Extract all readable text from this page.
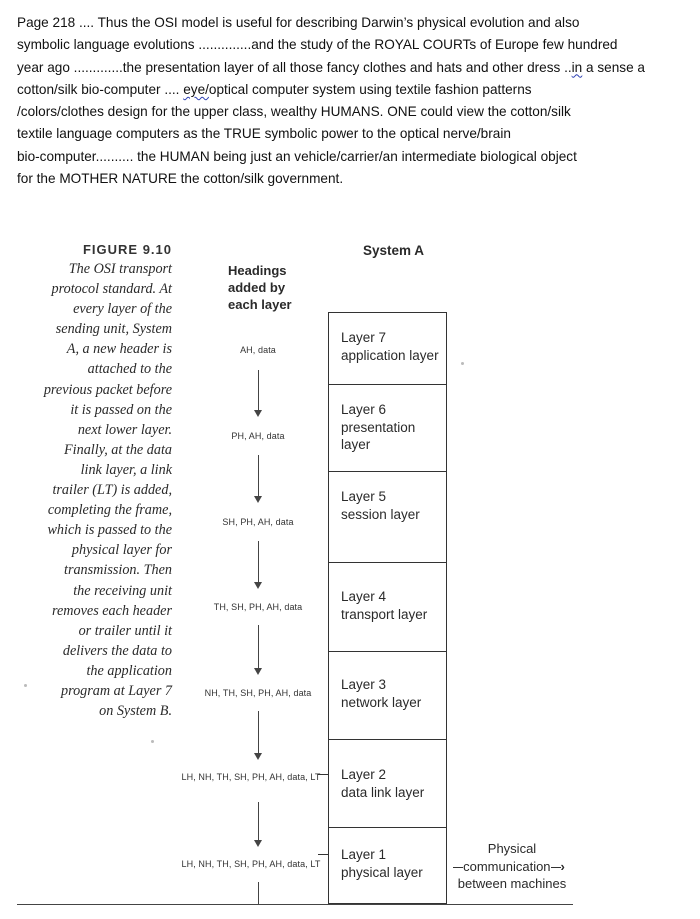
Page 218 .... Thus the OSI model is useful for describing Darwin’s physical evolution and also
symbolic language evolutions ..............and the study of the ROYAL COURTs of Europe few hundred
year ago .............the presentation layer of all those fancy clothes and hats and other dress ..in a sense a
cotton/silk bio-computer .... eye/optical computer system using textile fashion patterns
/colors/clothes design for the upper class, wealthy HUMANS. ONE could view the cotton/silk
textile language computers as the TRUE symbolic power to the optical nerve/brain
bio-computer.......... the HUMAN being just an vehicle/carrier/an intermediate biological object
for the MOTHER NATURE the cotton/silk government.
FIGURE 9.10
The OSI transport
protocol standard. At
every layer of the
sending unit, System
A, a new header is
attached to the
previous packet before
it is passed on the
next lower layer.
Finally, at the data
link layer, a link
trailer (LT) is added,
completing the frame,
which is passed to the
physical layer for
transmission. Then
the receiving unit
removes each header
or trailer until it
delivers the data to
the application
program at Layer 7
on System B.
Headings
added by
each layer
System A
AH, data
PH, AH, data
SH, PH, AH, data
TH, SH, PH, AH, data
NH, TH, SH, PH, AH, data
LH, NH, TH, SH, PH, AH, data, LT
LH, NH, TH, SH, PH, AH, data, LT
Layer 7
application layer
Layer 6
presentation
layer
Layer 5
session layer
Layer 4
transport layer
Layer 3
network layer
Layer 2
data link layer
Layer 1
physical layer
Physical
communication ›
between machines
